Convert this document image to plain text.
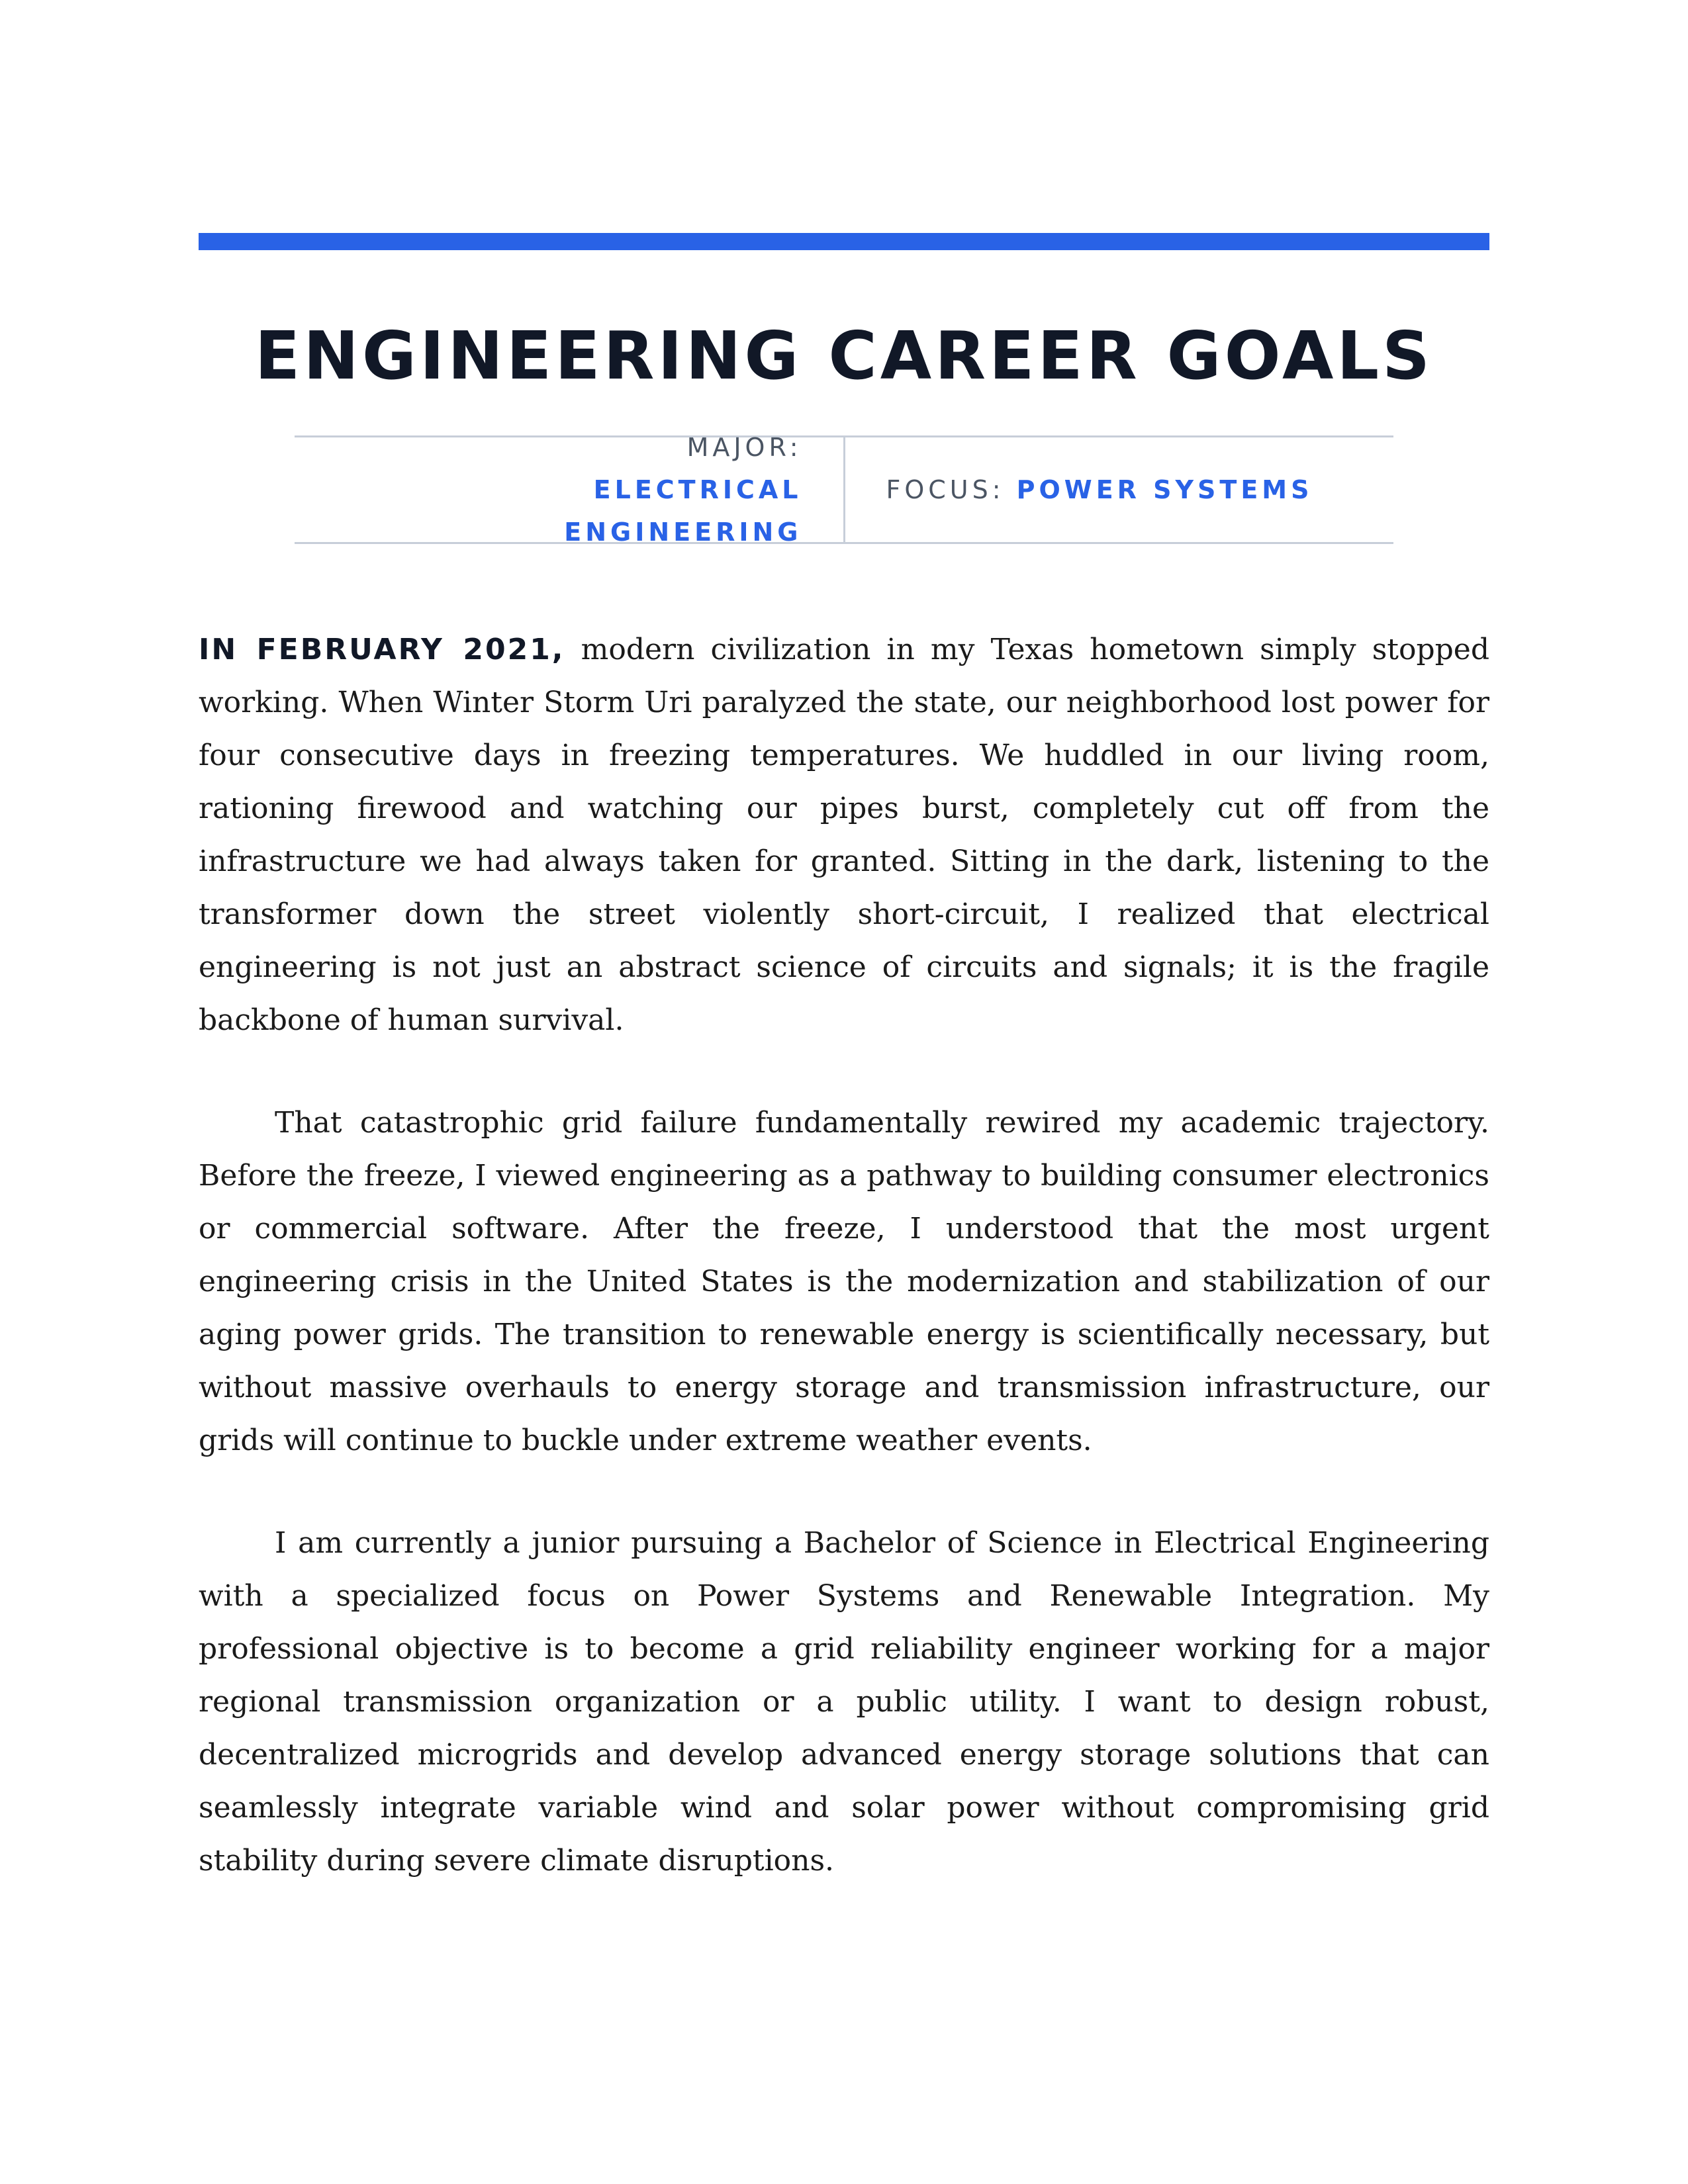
ENGINEERING CAREER GOALS
MAJOR: ELECTRICAL ENGINEERING
FOCUS:
POWER SYSTEMS

IN FEBRUARY 2021, modern civilization in my Texas hometown simply stopped working. When Winter Storm Uri paralyzed the state, our neighborhood lost power for four consecutive days in freezing temperatures. We huddled in our living room, rationing firewood and watching our pipes burst, completely cut off from the infrastructure we had always taken for granted. Sitting in the dark, listening to the transformer down the street violently short-circuit, I realized that electrical engineering is not just an abstract science of circuits and signals; it is the fragile backbone of human survival.

That catastrophic grid failure fundamentally rewired my academic trajectory. Before the freeze, I viewed engineering as a pathway to building consumer electronics or commercial software. After the freeze, I understood that the most urgent engineering crisis in the United States is the modernization and stabilization of our aging power grids. The transition to renewable energy is scientifically necessary, but without massive overhauls to energy storage and transmission infrastructure, our grids will continue to buckle under extreme weather events.

I am currently a junior pursuing a Bachelor of Science in Electrical Engineering with a specialized focus on Power Systems and Renewable Integration. My professional objective is to become a grid reliability engineer working for a major regional transmission organization or a public utility. I want to design robust, decentralized microgrids and develop advanced energy storage solutions that can seamlessly integrate variable wind and solar power without compromising grid stability during severe climate disruptions.
